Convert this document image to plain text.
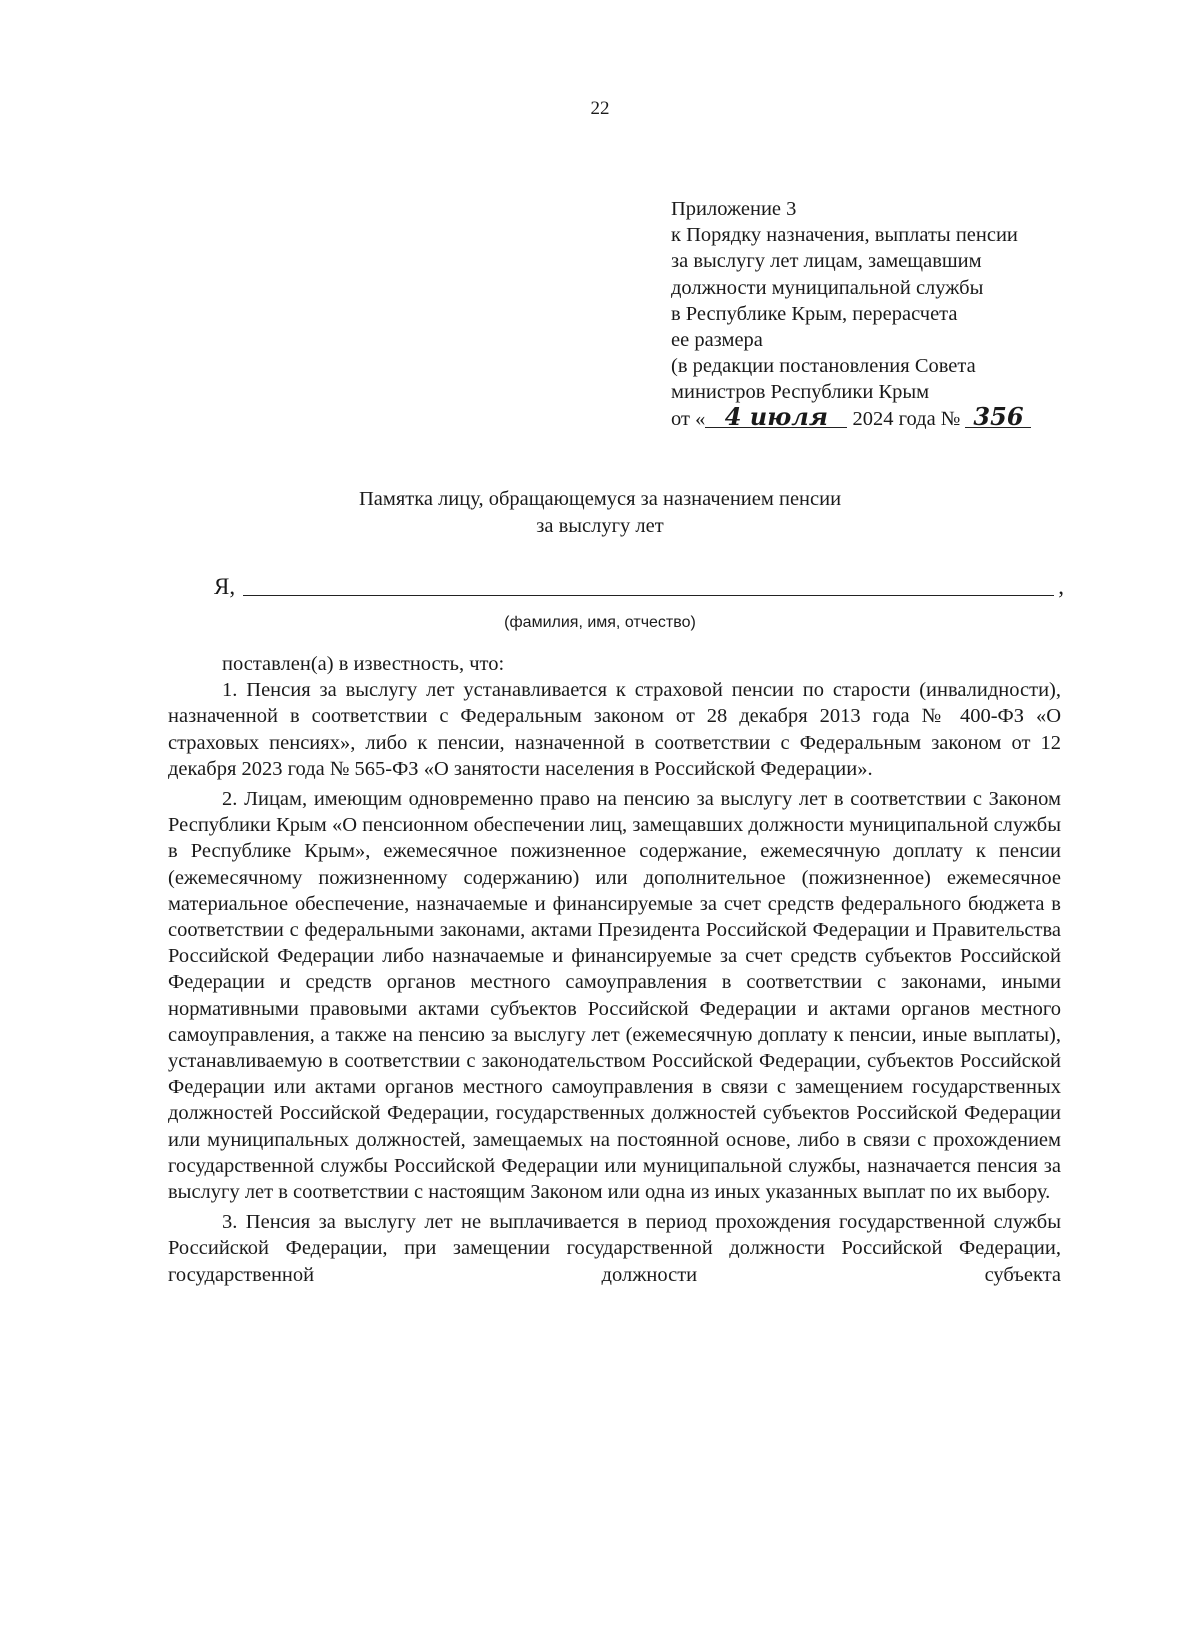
22
Приложение 3
к Порядку назначения, выплаты пенсии
за выслугу лет лицам, замещавшим
должности муниципальной службы
в Республике Крым, перерасчета
ее размера
(в редакции постановления Совета
министров Республики Крым
от « 4 июля 2024 года № 356
Памятка лицу, обращающемуся за назначением пенсии
за выслугу лет
Я,	,
(фамилия, имя, отчество)

поставлен(а) в известность, что:

1. Пенсия за выслугу лет устанавливается к страховой пенсии по старости (инвалидности), назначенной в соответствии с Федеральным законом от 28 декабря 2013 года № 400-ФЗ «О страховых пенсиях», либо к пенсии, назначенной в соответствии с Федеральным законом от 12 декабря 2023 года № 565-ФЗ «О занятости населения в Российской Федерации».

2. Лицам, имеющим одновременно право на пенсию за выслугу лет в соответствии с Законом Республики Крым «О пенсионном обеспечении лиц, замещавших должности муниципальной службы в Республике Крым», ежемесячное пожизненное содержание, ежемесячную доплату к пенсии (ежемесячному пожизненному содержанию) или дополнительное (пожизненное) ежемесячное материальное обеспечение, назначаемые и финансируемые за счет средств федерального бюджета в соответствии с федеральными законами, актами Президента Российской Федерации и Правительства Российской Федерации либо назначаемые и финансируемые за счет средств субъектов Российской Федерации и средств органов местного самоуправления в соответствии с законами, иными нормативными правовыми актами субъектов Российской Федерации и актами органов местного самоуправления, а также на пенсию за выслугу лет (ежемесячную доплату к пенсии, иные выплаты), устанавливаемую в соответствии с законодательством Российской Федерации, субъектов Российской Федерации или актами органов местного самоуправления в связи с замещением государственных должностей Российской Федерации, государственных должностей субъектов Российской Федерации или муниципальных должностей, замещаемых на постоянной основе, либо в связи с прохождением государственной службы Российской Федерации или муниципальной службы, назначается пенсия за выслугу лет в соответствии с настоящим Законом или одна из иных указанных выплат по их выбору.

3. Пенсия за выслугу лет не выплачивается в период прохождения государственной службы Российской Федерации, при замещении государственной должности Российской Федерации, государственной должности субъекта
